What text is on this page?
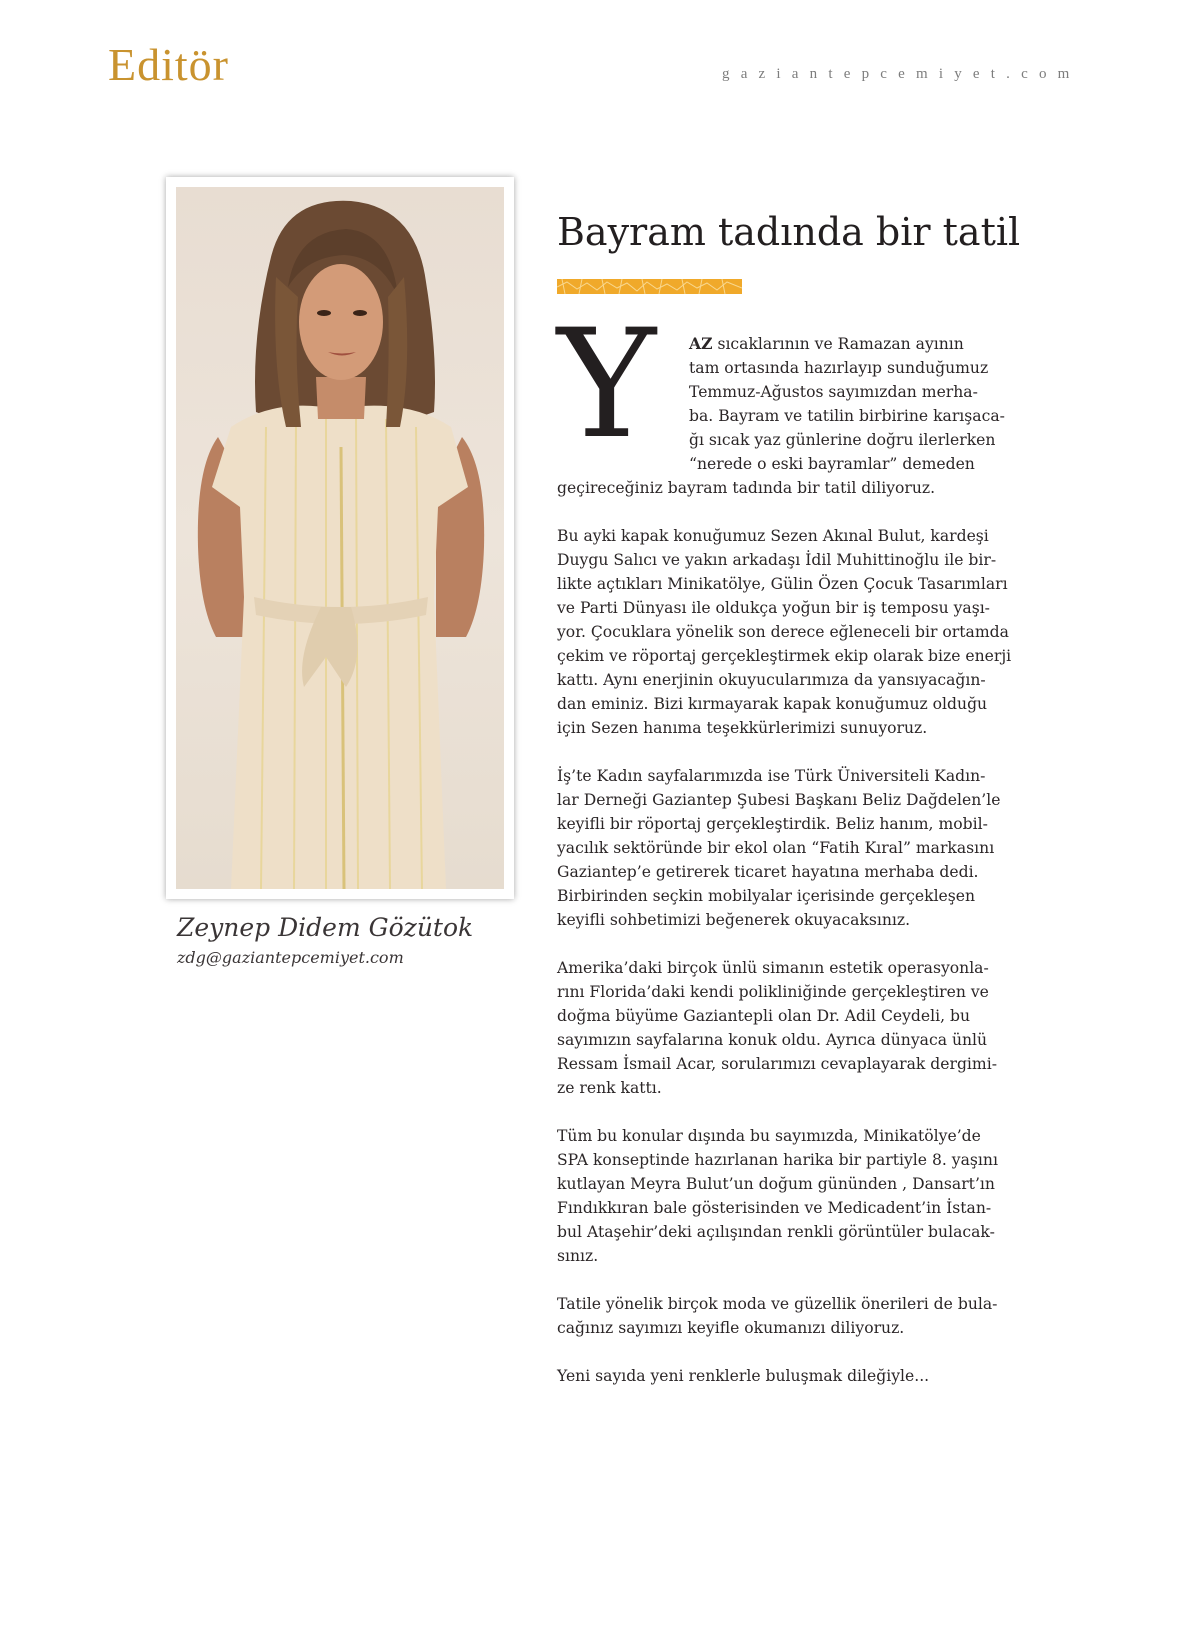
Editör	gaziantepcemiyet.com
Zeynep Didem Gözütok
zdg@gaziantepcemiyet.com
Bayram tadında bir tatil
Y	AZ sıcaklarının ve Ramazan ayının
tam ortasında hazırlayıp sunduğumuz
Temmuz-Ağustos sayımızdan merha-
ba. Bayram ve tatilin birbirine karışaca-
ğı sıcak yaz günlerine doğru ilerlerken
“nerede o eski bayramlar” demeden
geçireceğiniz bayram tadında bir tatil diliyoruz.
Bu ayki kapak konuğumuz Sezen Akınal Bulut, kardeşi
Duygu Salıcı ve yakın arkadaşı İdil Muhittinoğlu ile bir-
likte açtıkları Minikatölye, Gülin Özen Çocuk Tasarımları
ve Parti Dünyası ile oldukça yoğun bir iş temposu yaşı-
yor. Çocuklara yönelik son derece eğleneceli bir ortamda
çekim ve röportaj gerçekleştirmek ekip olarak bize enerji
kattı. Aynı enerjinin okuyucularımıza da yansıyacağın-
dan eminiz. Bizi kırmayarak kapak konuğumuz olduğu
için Sezen hanıma teşekkürlerimizi sunuyoruz.
İş’te Kadın sayfalarımızda ise Türk Üniversiteli Kadın-
lar Derneği Gaziantep Şubesi Başkanı Beliz Dağdelen’le
keyifli bir röportaj gerçekleştirdik. Beliz hanım, mobil-
yacılık sektöründe bir ekol olan “Fatih Kıral” markasını
Gaziantep’e getirerek ticaret hayatına merhaba dedi.
Birbirinden seçkin mobilyalar içerisinde gerçekleşen
keyifli sohbetimizi beğenerek okuyacaksınız.
Amerika’daki birçok ünlü simanın estetik operasyonla-
rını Florida’daki kendi polikliniğinde gerçekleştiren ve
doğma büyüme Gaziantepli olan Dr. Adil Ceydeli, bu
sayımızın sayfalarına konuk oldu. Ayrıca dünyaca ünlü
Ressam İsmail Acar, sorularımızı cevaplayarak dergimi-
ze renk kattı.
Tüm bu konular dışında bu sayımızda, Minikatölye’de
SPA konseptinde hazırlanan harika bir partiyle 8. yaşını
kutlayan Meyra Bulut’un doğum gününden , Dansart’ın
Fındıkkıran bale gösterisinden ve Medicadent’in İstan-
bul Ataşehir’deki açılışından renkli görüntüler bulacak-
sınız.
Tatile yönelik birçok moda ve güzellik önerileri de bula-
cağınız sayımızı keyifle okumanızı diliyoruz.
Yeni sayıda yeni renklerle buluşmak dileğiyle...
